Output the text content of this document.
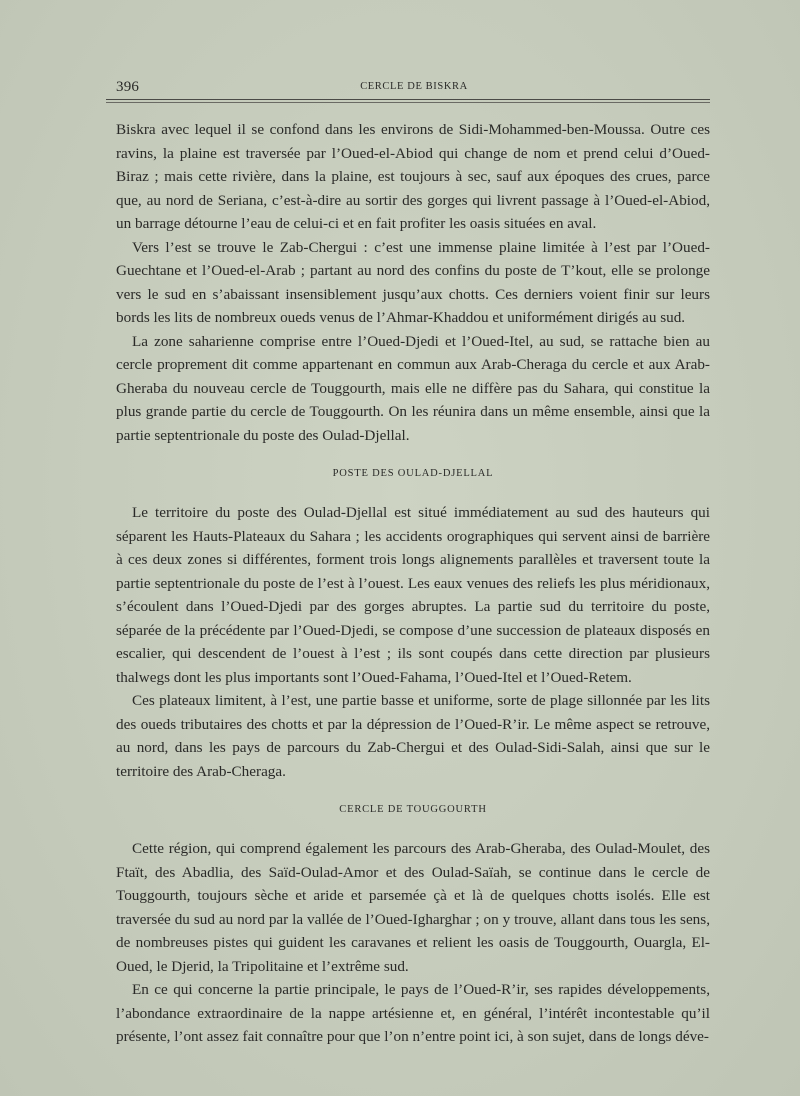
396	CERCLE DE BISKRA

Biskra avec lequel il se confond dans les environs de Sidi-Mohammed-ben-Moussa. Outre ces ravins, la plaine est traversée par l’Oued-el-Abiod qui change de nom et prend celui d’Oued-Biraz ; mais cette rivière, dans la plaine, est toujours à sec, sauf aux époques des crues, parce que, au nord de Seriana, c’est-à-dire au sortir des gorges qui livrent passage à l’Oued-el-Abiod, un barrage détourne l’eau de celui-ci et en fait profiter les oasis situées en aval.

Vers l’est se trouve le Zab-Chergui : c’est une immense plaine limitée à l’est par l’Oued-Guechtane et l’Oued-el-Arab ; partant au nord des confins du poste de T’kout, elle se prolonge vers le sud en s’abaissant insensiblement jusqu’aux chotts. Ces derniers voient finir sur leurs bords les lits de nombreux oueds venus de l’Ahmar-Khaddou et uniformément dirigés au sud.

La zone saharienne comprise entre l’Oued-Djedi et l’Oued-Itel, au sud, se rattache bien au cercle proprement dit comme appartenant en commun aux Arab-Cheraga du cercle et aux Arab-Gheraba du nouveau cercle de Touggourth, mais elle ne diffère pas du Sahara, qui constitue la plus grande partie du cercle de Touggourth. On les réunira dans un même ensemble, ainsi que la partie septentrionale du poste des Oulad-Djellal.

POSTE DES OULAD-DJELLAL

Le territoire du poste des Oulad-Djellal est situé immédiatement au sud des hauteurs qui séparent les Hauts-Plateaux du Sahara ; les accidents orographiques qui servent ainsi de barrière à ces deux zones si différentes, forment trois longs alignements parallèles et traversent toute la partie septentrionale du poste de l’est à l’ouest. Les eaux venues des reliefs les plus méridionaux, s’écoulent dans l’Oued-Djedi par des gorges abruptes. La partie sud du territoire du poste, séparée de la précédente par l’Oued-Djedi, se compose d’une succession de plateaux disposés en escalier, qui descendent de l’ouest à l’est ; ils sont coupés dans cette direction par plusieurs thalwegs dont les plus importants sont l’Oued-Fahama, l’Oued-Itel et l’Oued-Retem.

Ces plateaux limitent, à l’est, une partie basse et uniforme, sorte de plage sillonnée par les lits des oueds tributaires des chotts et par la dépression de l’Oued-R’ir. Le même aspect se retrouve, au nord, dans les pays de parcours du Zab-Chergui et des Oulad-Sidi-Salah, ainsi que sur le territoire des Arab-Cheraga.

CERCLE DE TOUGGOURTH

Cette région, qui comprend également les parcours des Arab-Gheraba, des Oulad-Moulet, des Ftaït, des Abadlia, des Saïd-Oulad-Amor et des Oulad-Saïah, se continue dans le cercle de Touggourth, toujours sèche et aride et parsemée çà et là de quelques chotts isolés. Elle est traversée du sud au nord par la vallée de l’Oued-Igharghar ; on y trouve, allant dans tous les sens, de nombreuses pistes qui guident les caravanes et relient les oasis de Touggourth, Ouargla, El-Oued, le Djerid, la Tripolitaine et l’extrême sud.

En ce qui concerne la partie principale, le pays de l’Oued-R’ir, ses rapides développements, l’abondance extraordinaire de la nappe artésienne et, en général, l’intérêt incontestable qu’il présente, l’ont assez fait connaître pour que l’on n’entre point ici, à son sujet, dans de longs déve-
